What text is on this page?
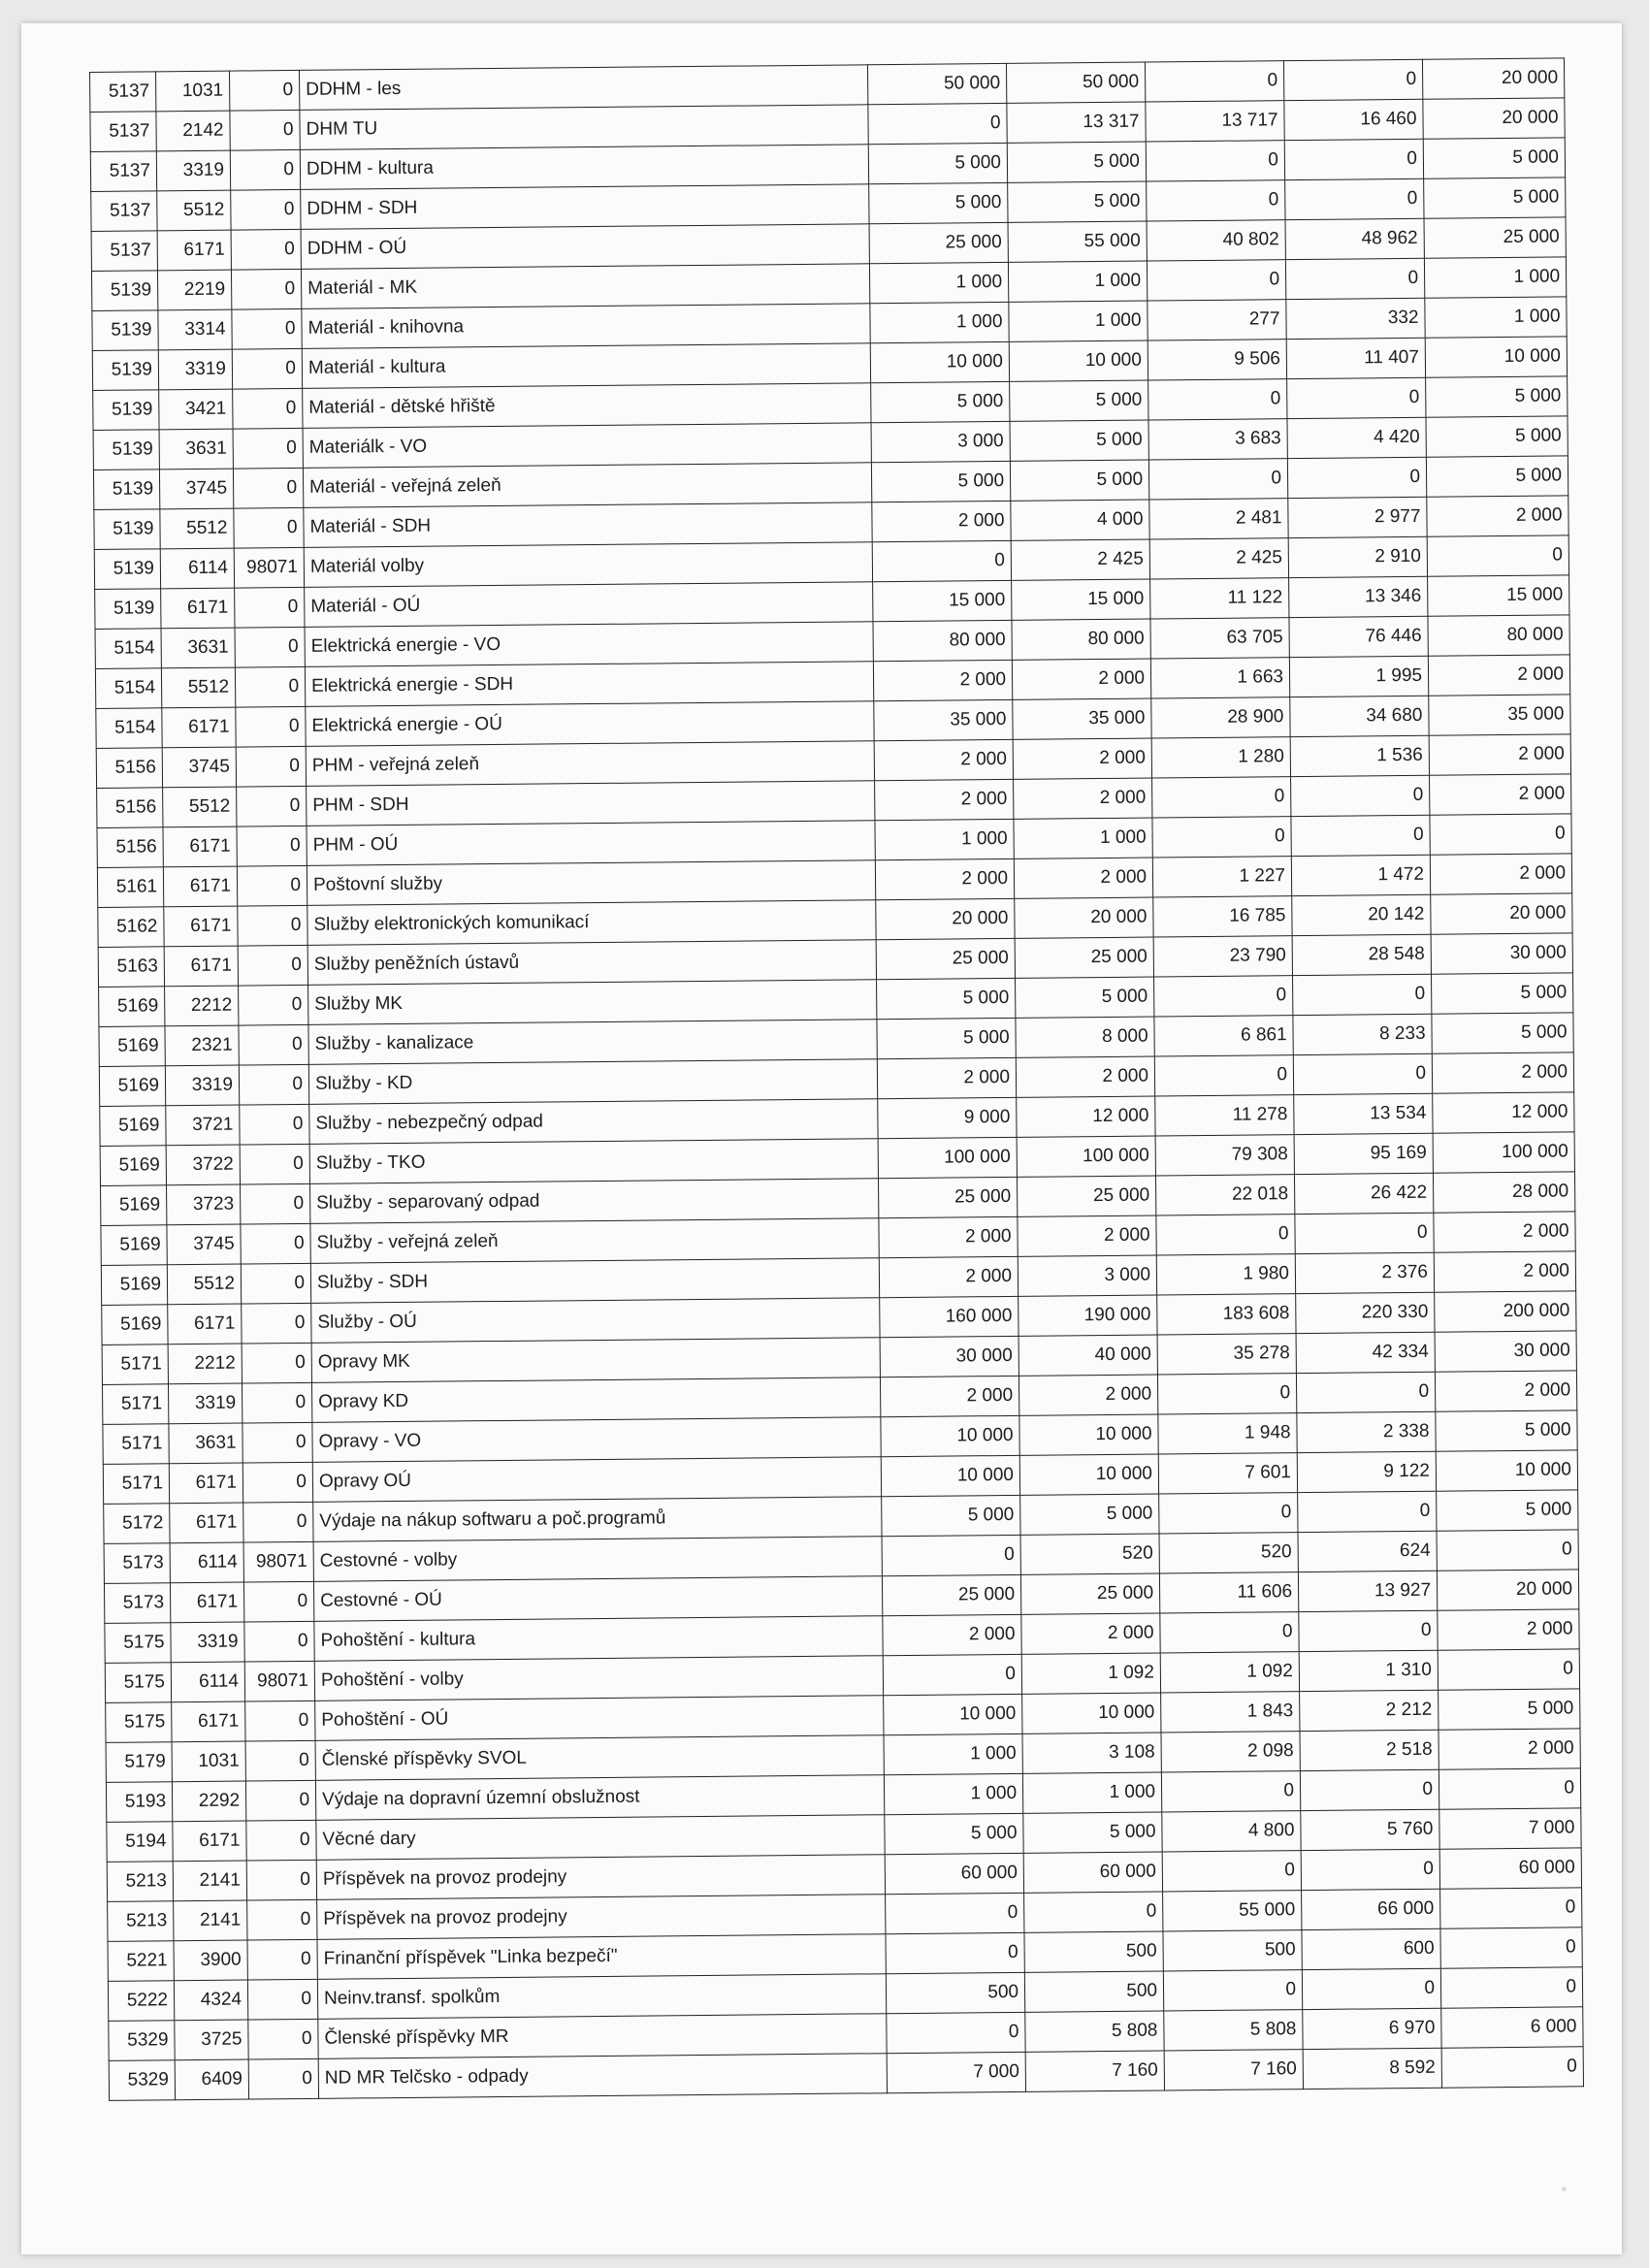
5137	1031	0	DDHM - les	50 000	50 000	0	0	20 000
5137	2142	0	DHM TU	0	13 317	13 717	16 460	20 000
5137	3319	0	DDHM - kultura	5 000	5 000	0	0	5 000
5137	5512	0	DDHM - SDH	5 000	5 000	0	0	5 000
5137	6171	0	DDHM - OÚ	25 000	55 000	40 802	48 962	25 000
5139	2219	0	Materiál - MK	1 000	1 000	0	0	1 000
5139	3314	0	Materiál - knihovna	1 000	1 000	277	332	1 000
5139	3319	0	Materiál - kultura	10 000	10 000	9 506	11 407	10 000
5139	3421	0	Materiál - dětské hřiště	5 000	5 000	0	0	5 000
5139	3631	0	Materiálk - VO	3 000	5 000	3 683	4 420	5 000
5139	3745	0	Materiál - veřejná zeleň	5 000	5 000	0	0	5 000
5139	5512	0	Materiál - SDH	2 000	4 000	2 481	2 977	2 000
5139	6114	98071	Materiál volby	0	2 425	2 425	2 910	0
5139	6171	0	Materiál - OÚ	15 000	15 000	11 122	13 346	15 000
5154	3631	0	Elektrická energie - VO	80 000	80 000	63 705	76 446	80 000
5154	5512	0	Elektrická energie - SDH	2 000	2 000	1 663	1 995	2 000
5154	6171	0	Elektrická energie - OÚ	35 000	35 000	28 900	34 680	35 000
5156	3745	0	PHM - veřejná zeleň	2 000	2 000	1 280	1 536	2 000
5156	5512	0	PHM - SDH	2 000	2 000	0	0	2 000
5156	6171	0	PHM - OÚ	1 000	1 000	0	0	0
5161	6171	0	Poštovní služby	2 000	2 000	1 227	1 472	2 000
5162	6171	0	Služby elektronických komunikací	20 000	20 000	16 785	20 142	20 000
5163	6171	0	Služby peněžních ústavů	25 000	25 000	23 790	28 548	30 000
5169	2212	0	Služby MK	5 000	5 000	0	0	5 000
5169	2321	0	Služby - kanalizace	5 000	8 000	6 861	8 233	5 000
5169	3319	0	Služby - KD	2 000	2 000	0	0	2 000
5169	3721	0	Služby - nebezpečný odpad	9 000	12 000	11 278	13 534	12 000
5169	3722	0	Služby - TKO	100 000	100 000	79 308	95 169	100 000
5169	3723	0	Služby - separovaný odpad	25 000	25 000	22 018	26 422	28 000
5169	3745	0	Služby - veřejná zeleň	2 000	2 000	0	0	2 000
5169	5512	0	Služby - SDH	2 000	3 000	1 980	2 376	2 000
5169	6171	0	Služby - OÚ	160 000	190 000	183 608	220 330	200 000
5171	2212	0	Opravy MK	30 000	40 000	35 278	42 334	30 000
5171	3319	0	Opravy KD	2 000	2 000	0	0	2 000
5171	3631	0	Opravy - VO	10 000	10 000	1 948	2 338	5 000
5171	6171	0	Opravy OÚ	10 000	10 000	7 601	9 122	10 000
5172	6171	0	Výdaje na nákup softwaru a poč.programů	5 000	5 000	0	0	5 000
5173	6114	98071	Cestovné - volby	0	520	520	624	0
5173	6171	0	Cestovné - OÚ	25 000	25 000	11 606	13 927	20 000
5175	3319	0	Pohoštění - kultura	2 000	2 000	0	0	2 000
5175	6114	98071	Pohoštění - volby	0	1 092	1 092	1 310	0
5175	6171	0	Pohoštění - OÚ	10 000	10 000	1 843	2 212	5 000
5179	1031	0	Členské příspěvky SVOL	1 000	3 108	2 098	2 518	2 000
5193	2292	0	Výdaje na dopravní územní obslužnost	1 000	1 000	0	0	0
5194	6171	0	Věcné dary	5 000	5 000	4 800	5 760	7 000
5213	2141	0	Příspěvek na provoz prodejny	60 000	60 000	0	0	60 000
5213	2141	0	Příspěvek na provoz prodejny	0	0	55 000	66 000	0
5221	3900	0	Frinanční příspěvek "Linka bezpečí"	0	500	500	600	0
5222	4324	0	Neinv.transf. spolkům	500	500	0	0	0
5329	3725	0	Členské příspěvky MR	0	5 808	5 808	6 970	6 000
5329	6409	0	ND MR Telčsko - odpady	7 000	7 160	7 160	8 592	0
